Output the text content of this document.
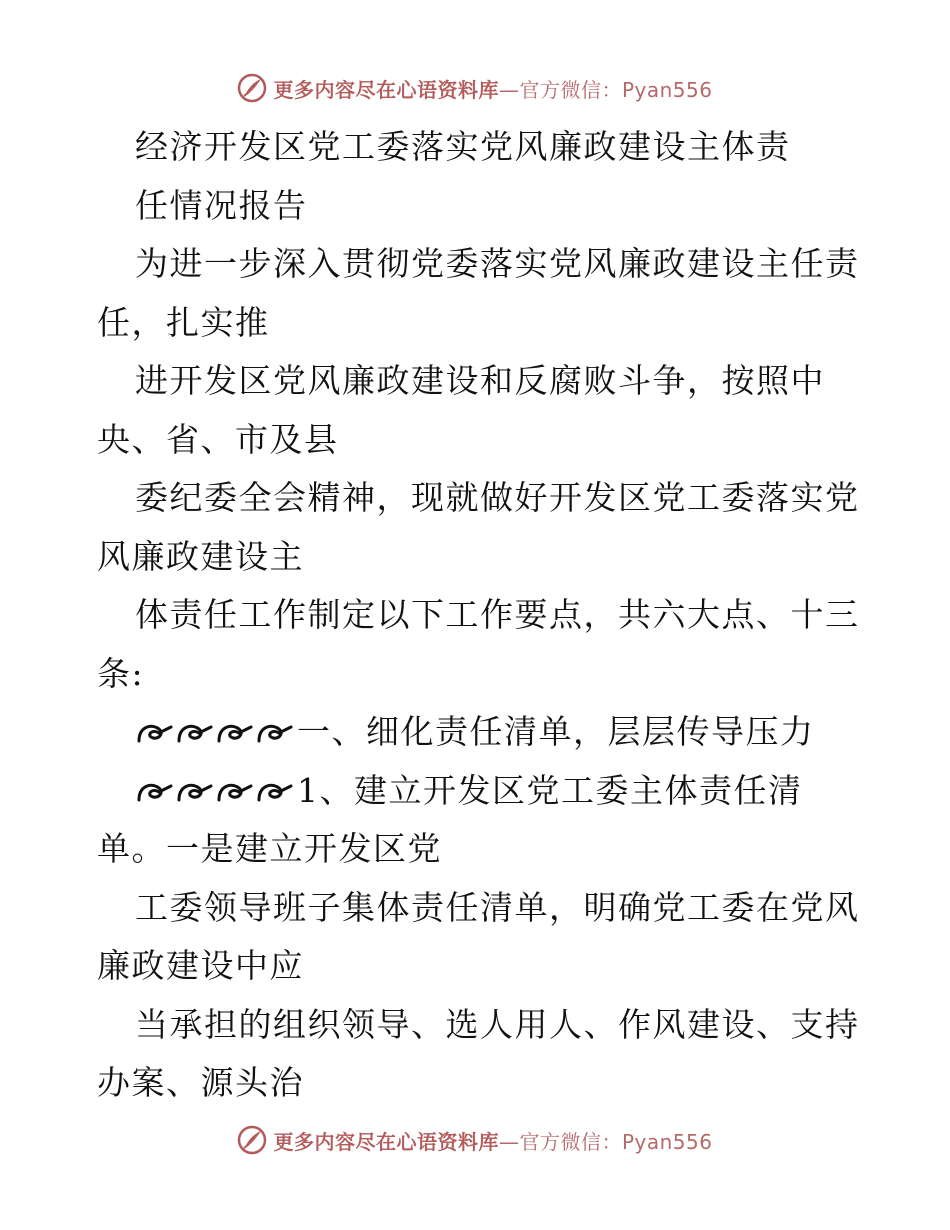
更多内容尽在心语资料库—官方微信：Pyan556
经济开发区党工委落实党风廉政建设主体责
任情况报告
为进一步深入贯彻党委落实党风廉政建设主任责
任，扎实推
进开发区党风廉政建设和反腐败斗争，按照中
央、省、市及县
委纪委全会精神，现就做好开发区党工委落实党
风廉政建设主
体责任工作制定以下工作要点，共六大点、十三
条:
一、细化责任清单，层层传导压力
1、建立开发区党工委主体责任清
单。一是建立开发区党
工委领导班子集体责任清单，明确党工委在党风
廉政建设中应
当承担的组织领导、选人用人、作风建设、支持
办案、源头治
更多内容尽在心语资料库—官方微信：Pyan556
